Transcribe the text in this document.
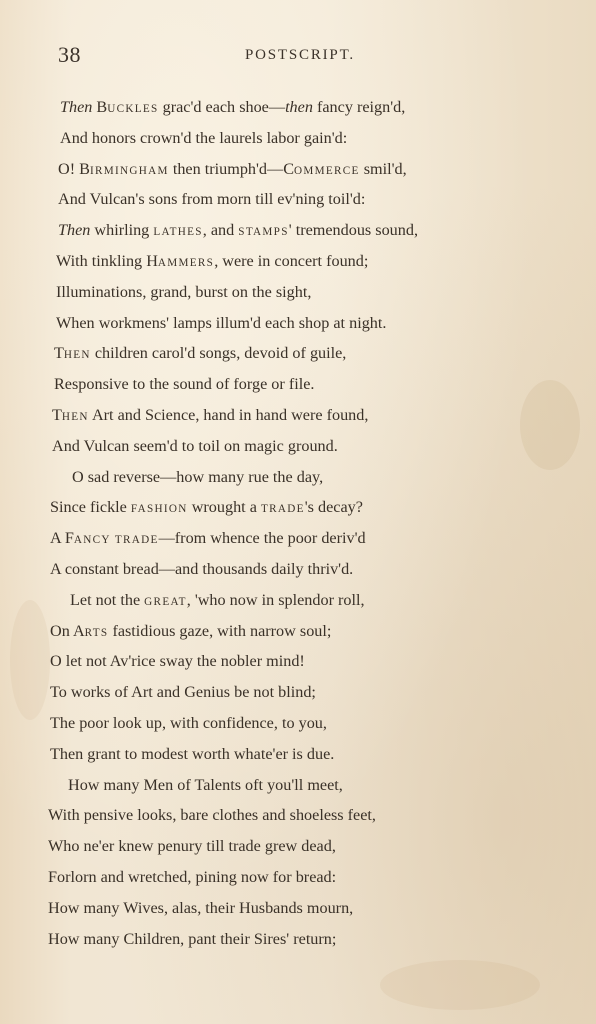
38	POSTSCRIPT.
Then BUCKLES grac'd each shoe—then fancy reign'd,
And honors crown'd the laurels labor gain'd:
O! BIRMINGHAM then triumph'd—COMMERCE smil'd,
And Vulcan's sons from morn till ev'ning toil'd:
Then whirling LATHES, and STAMPS' tremendous sound,
With tinkling HAMMERS, were in concert found;
Illuminations, grand, burst on the sight,
When workmens' lamps illum'd each shop at night.
THEN children carol'd songs, devoid of guile,
Responsive to the sound of forge or file.
THEN Art and Science, hand in hand were found,
And Vulcan seem'd to toil on magic ground.
O sad reverse—how many rue the day,
Since fickle FASHION wrought a TRADE's decay?
A FANCY TRADE—from whence the poor deriv'd
A constant bread—and thousands daily thriv'd.
Let not the GREAT, 'who now in splendor roll,
On ARTS fastidious gaze, with narrow soul;
O let not Av'rice sway the nobler mind!
To works of Art and Genius be not blind;
The poor look up, with confidence, to you,
Then grant to modest worth whate'er is due.
How many Men of Talents oft you'll meet,
With pensive looks, bare clothes and shoeless feet,
Who ne'er knew penury till trade grew dead,
Forlorn and wretched, pining now for bread:
How many Wives, alas, their Husbands mourn,
How many Children, pant their Sires' return;
